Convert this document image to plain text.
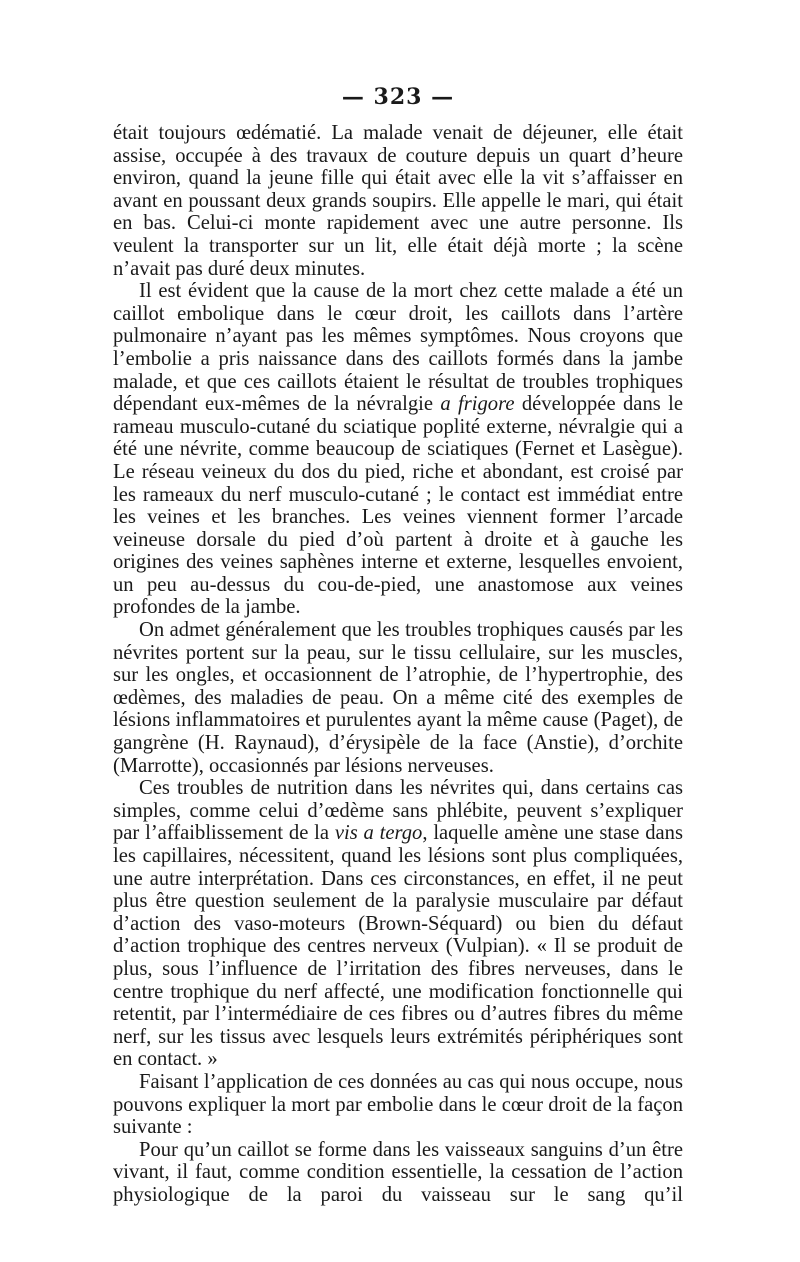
— 323 —

était toujours œdématié. La malade venait de déjeuner, elle était assise, occupée à des travaux de couture depuis un quart d’heure environ, quand la jeune fille qui était avec elle la vit s’affaisser en avant en poussant deux grands soupirs. Elle appelle le mari, qui était en bas. Celui-ci monte rapidement avec une autre personne. Ils veulent la transporter sur un lit, elle était déjà morte ; la scène n’avait pas duré deux minutes.

Il est évident que la cause de la mort chez cette malade a été un caillot embolique dans le cœur droit, les caillots dans l’artère pulmonaire n’ayant pas les mêmes symptômes. Nous croyons que l’embolie a pris naissance dans des caillots formés dans la jambe malade, et que ces caillots étaient le résultat de troubles trophiques dépendant eux-mêmes de la névralgie a frigore développée dans le rameau musculo-cutané du sciatique poplité externe, névralgie qui a été une névrite, comme beaucoup de sciatiques (Fernet et Lasègue). Le réseau veineux du dos du pied, riche et abondant, est croisé par les rameaux du nerf musculo-cutané ; le contact est immédiat entre les veines et les branches. Les veines viennent former l’arcade veineuse dorsale du pied d’où partent à droite et à gauche les origines des veines saphènes interne et externe, lesquelles envoient, un peu au-dessus du cou-de-pied, une anastomose aux veines profondes de la jambe.

On admet généralement que les troubles trophiques causés par les névrites portent sur la peau, sur le tissu cellulaire, sur les muscles, sur les ongles, et occasionnent de l’atrophie, de l’hypertrophie, des œdèmes, des maladies de peau. On a même cité des exemples de lésions inflammatoires et purulentes ayant la même cause (Paget), de gangrène (H. Raynaud), d’érysipèle de la face (Anstie), d’orchite (Marrotte), occasionnés par lésions nerveuses.

Ces troubles de nutrition dans les névrites qui, dans certains cas simples, comme celui d’œdème sans phlébite, peuvent s’expliquer par l’affaiblissement de la vis a tergo, laquelle amène une stase dans les capillaires, nécessitent, quand les lésions sont plus compliquées, une autre interprétation. Dans ces circonstances, en effet, il ne peut plus être question seulement de la paralysie musculaire par défaut d’action des vaso-moteurs (Brown-Séquard) ou bien du défaut d’action trophique des centres nerveux (Vulpian). « Il se produit de plus, sous l’influence de l’irritation des fibres nerveuses, dans le centre trophique du nerf affecté, une modification fonctionnelle qui retentit, par l’intermédiaire de ces fibres ou d’autres fibres du même nerf, sur les tissus avec lesquels leurs extrémités périphériques sont en contact. »

Faisant l’application de ces données au cas qui nous occupe, nous pouvons expliquer la mort par embolie dans le cœur droit de la façon suivante :

Pour qu’un caillot se forme dans les vaisseaux sanguins d’un être vivant, il faut, comme condition essentielle, la cessation de l’action physiologique de la paroi du vaisseau sur le sang qu’il
